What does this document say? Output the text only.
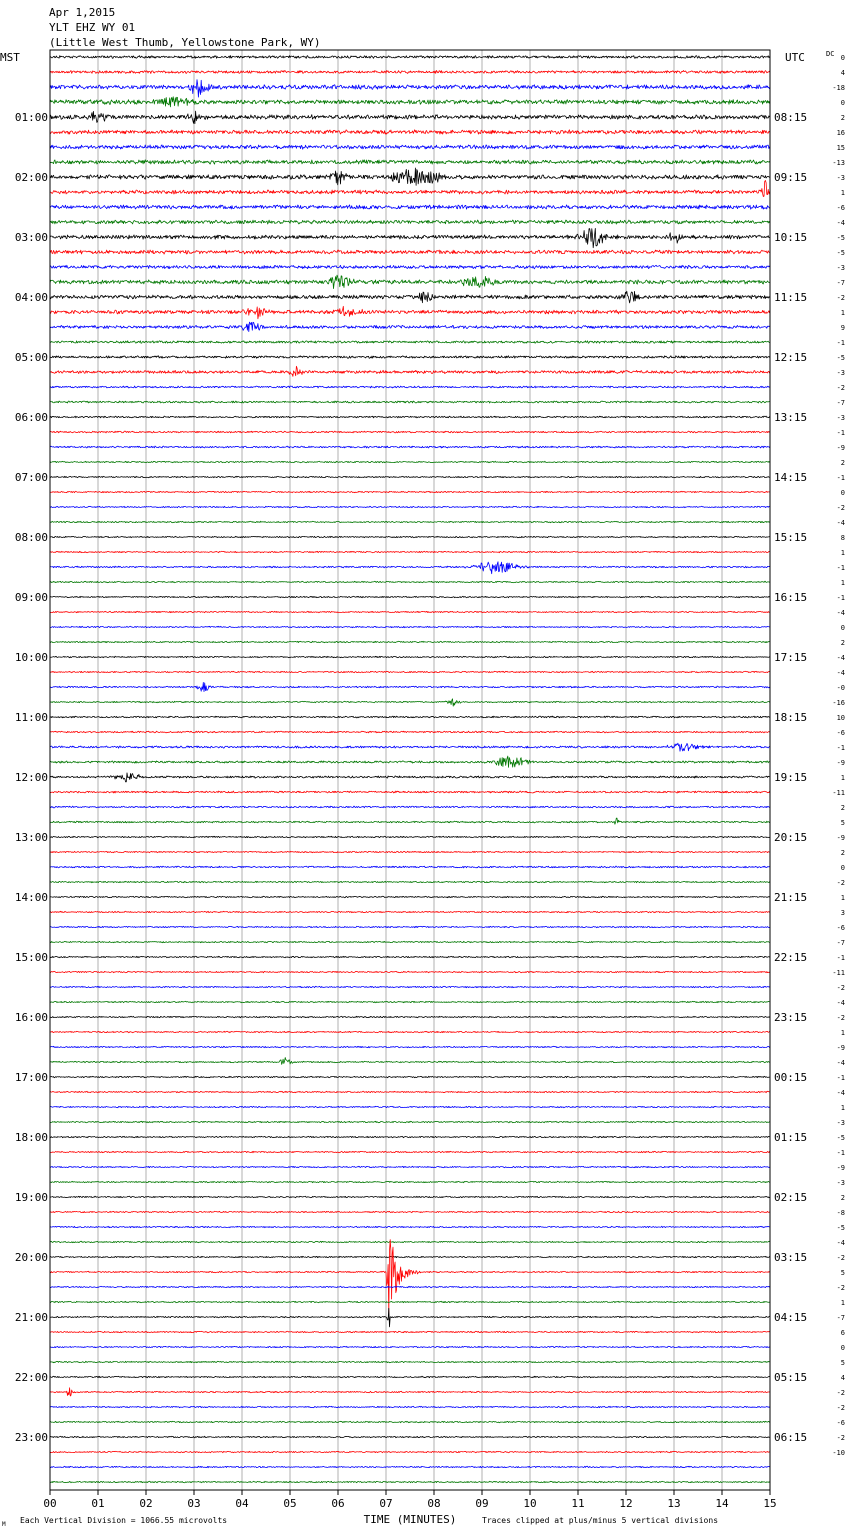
Apr 1,2015
YLT EHZ WY 01
(Little West Thumb, Yellowstone Park, WY)
MST	UTC	DC
01:00
02:00
03:00
04:00
05:00
06:00
07:00
08:00
09:00
10:00
11:00
12:00
13:00
14:00
15:00
16:00
17:00
18:00
19:00
20:00
21:00
22:00
23:00
08:15
09:15
10:15
11:15
12:15
13:15
14:15
15:15
16:15
17:15
18:15
19:15
20:15
21:15
22:15
23:15
00:15
01:15
02:15
03:15
04:15
05:15
06:15
0
4
-18
0
2
16
15
-13
-3
1
-6
-4
-5
-5
-3
-7
-2
1
9
-1
-5
-3
-2
-7
-3
-1
-9
2
-1
0
-2
-4
8
1
-1
1
-1
-4
0
2
-4
-4
-0
-16
10
-6
-1
-9
1
-11
2
5
-9
2
0
-2
1
3
-6
-7
-1
-11
-2
-4
-2
1
-9
-4
-1
-4
1
-3
-5
-1
-9
-3
2
-8
-5
-4
-2
5
-2
1
-7
6
0
5
4
-2
-2
-6
-2
-10
00	01	02	03	04	05	06	07	08	09	10	11	12	13	14	15
TIME (MINUTES)
M Each Vertical Division = 1066.55 microvolts	Traces clipped at plus/minus 5 vertical divisions
